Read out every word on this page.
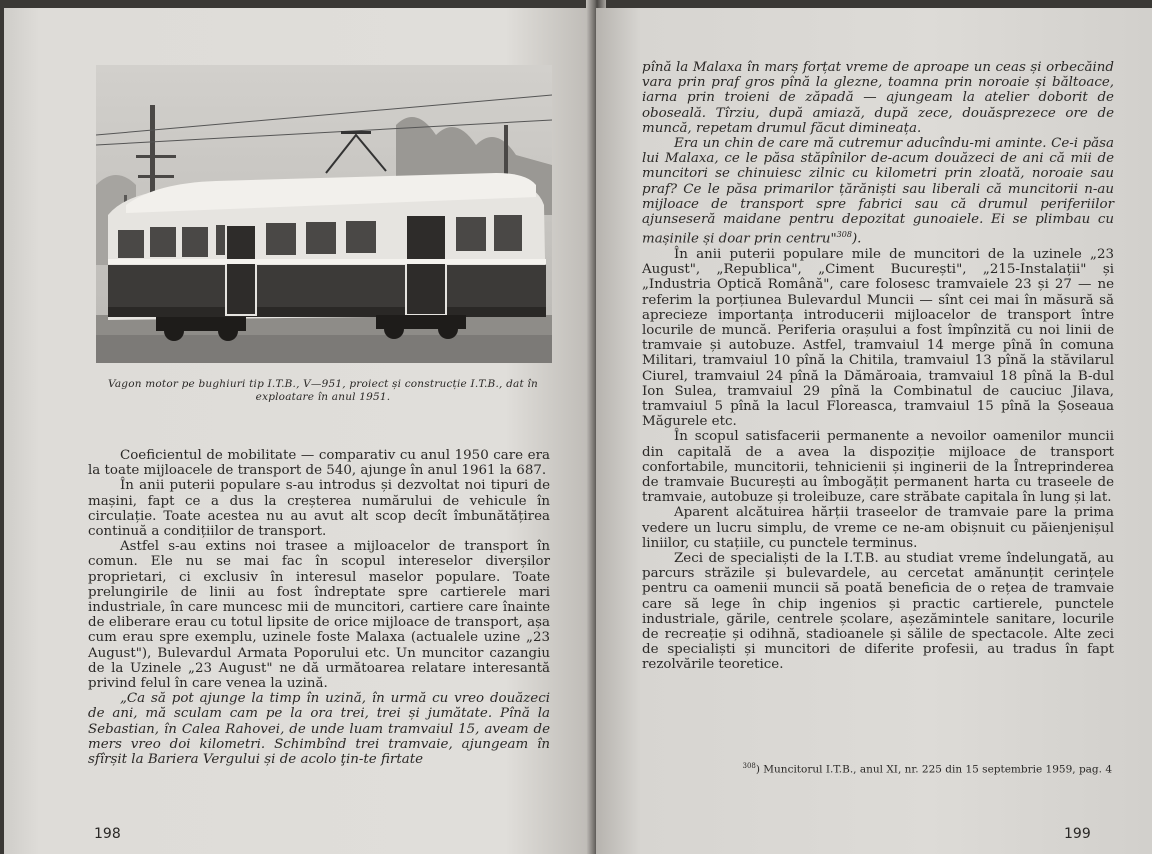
Vagon motor pe bughiuri tip I.T.B., V—951, proiect și construcție I.T.B., dat în exploatare în anul 1951.

Coeficientul de mobilitate — comparativ cu anul 1950 care era la toate mijloacele de transport de 540, ajunge în anul 1961 la 687.

În anii puterii populare s-au introdus și dezvoltat noi tipuri de mașini, fapt ce a dus la creșterea numărului de vehicule în circulație. Toate acestea nu au avut alt scop decît îmbunătățirea continuă a condițiilor de transport.

Astfel s-au extins noi trasee a mijloacelor de transport în comun. Ele nu se mai fac în scopul intereselor diverșilor proprietari, ci exclusiv în interesul maselor populare. Toate prelungirile de linii au fost îndreptate spre cartierele mari industriale, în care muncesc mii de muncitori, cartiere care înainte de eliberare erau cu totul lipsite de orice mijloace de transport, așa cum erau spre exemplu, uzinele foste Malaxa (actualele uzine „23 August"), Bulevardul Armata Poporului etc. Un muncitor cazangiu de la Uzinele „23 August" ne dă următoarea relatare interesantă privind felul în care venea la uzină.

„Ca să pot ajunge la timp în uzină, în urmă cu vreo douăzeci de ani, mă sculam cam pe la ora trei, trei și jumătate. Pînă la Sebastian, în Calea Rahovei, de unde luam tramvaiul 15, aveam de mers vreo doi kilometri. Schimbînd trei tramvaie, ajungeam în sfîrșit la Bariera Vergului și de acolo ţin-te firtate

198

pînă la Malaxa în marș forțat vreme de aproape un ceas și orbecăind vara prin praf gros pînă la glezne, toamna prin noroaie și băltoace, iarna prin troieni de zăpadă — ajungeam la atelier doborit de oboseală. Tîrziu, după amiază, după zece, douăsprezece ore de muncă, repetam drumul făcut dimineața.

Era un chin de care mă cutremur aducîndu-mi aminte. Ce-i păsa lui Malaxa, ce le păsa stăpînilor de-acum douăzeci de ani că mii de muncitori se chinuiesc zilnic cu kilometri prin zloată, noroaie sau praf? Ce le păsa primarilor țărăniști sau liberali că muncitorii n-au mijloace de transport spre fabrici sau că drumul periferiilor ajunseseră maidane pentru depozitat gunoaiele. Ei se plimbau cu mașinile și doar prin centru"$^{308}$).

În anii puterii populare mile de muncitori de la uzinele „23 August", „Republica", „Ciment București", „215-Instalații" și „Industria Optică Română", care folosesc tramvaiele 23 și 27 — ne referim la porțiunea Bulevardul Muncii — sînt cei mai în măsură să aprecieze importanța introducerii mijloacelor de transport între locurile de muncă. Periferia orașului a fost împînzită cu noi linii de tramvaie și autobuze. Astfel, tramvaiul 14 merge pînă în comuna Militari, tramvaiul 10 pînă la Chitila, tramvaiul 13 pînă la stăvilarul Ciurel, tramvaiul 24 pînă la Dămăroaia, tramvaiul 18 pînă la B-dul Ion Sulea, tramvaiul 29 pînă la Combinatul de cauciuc Jilava, tramvaiul 5 pînă la lacul Floreasca, tramvaiul 15 pînă la Șoseaua Măgurele etc.

În scopul satisfacerii permanente a nevoilor oamenilor muncii din capitală de a avea la dispoziție mijloace de transport confortabile, muncitorii, tehnicienii și inginerii de la Întreprinderea de tramvaie București au îmbogățit permanent harta cu traseele de tramvaie, autobuze și troleibuze, care străbate capitala în lung și lat.

Aparent alcătuirea hărții traseelor de tramvaie pare la prima vedere un lucru simplu, de vreme ce ne-am obișnuit cu păienjenișul liniilor, cu stațiile, cu punctele terminus.

Zeci de specialiști de la I.T.B. au studiat vreme îndelungată, au parcurs străzile și bulevardele, au cercetat amănunțit cerințele pentru ca oamenii muncii să poată beneficia de o rețea de tramvaie care să lege în chip ingenios și practic cartierele, punctele industriale, gările, centrele școlare, așezămintele sanitare, locurile de recreație și odihnă, stadioanele și sălile de spectacole. Alte zeci de specialiști și muncitori de diferite profesii, au tradus în fapt rezolvările teoretice.

$^{308}$) Muncitorul I.T.B., anul XI, nr. 225 din 15 septembrie 1959, pag. 4
199
